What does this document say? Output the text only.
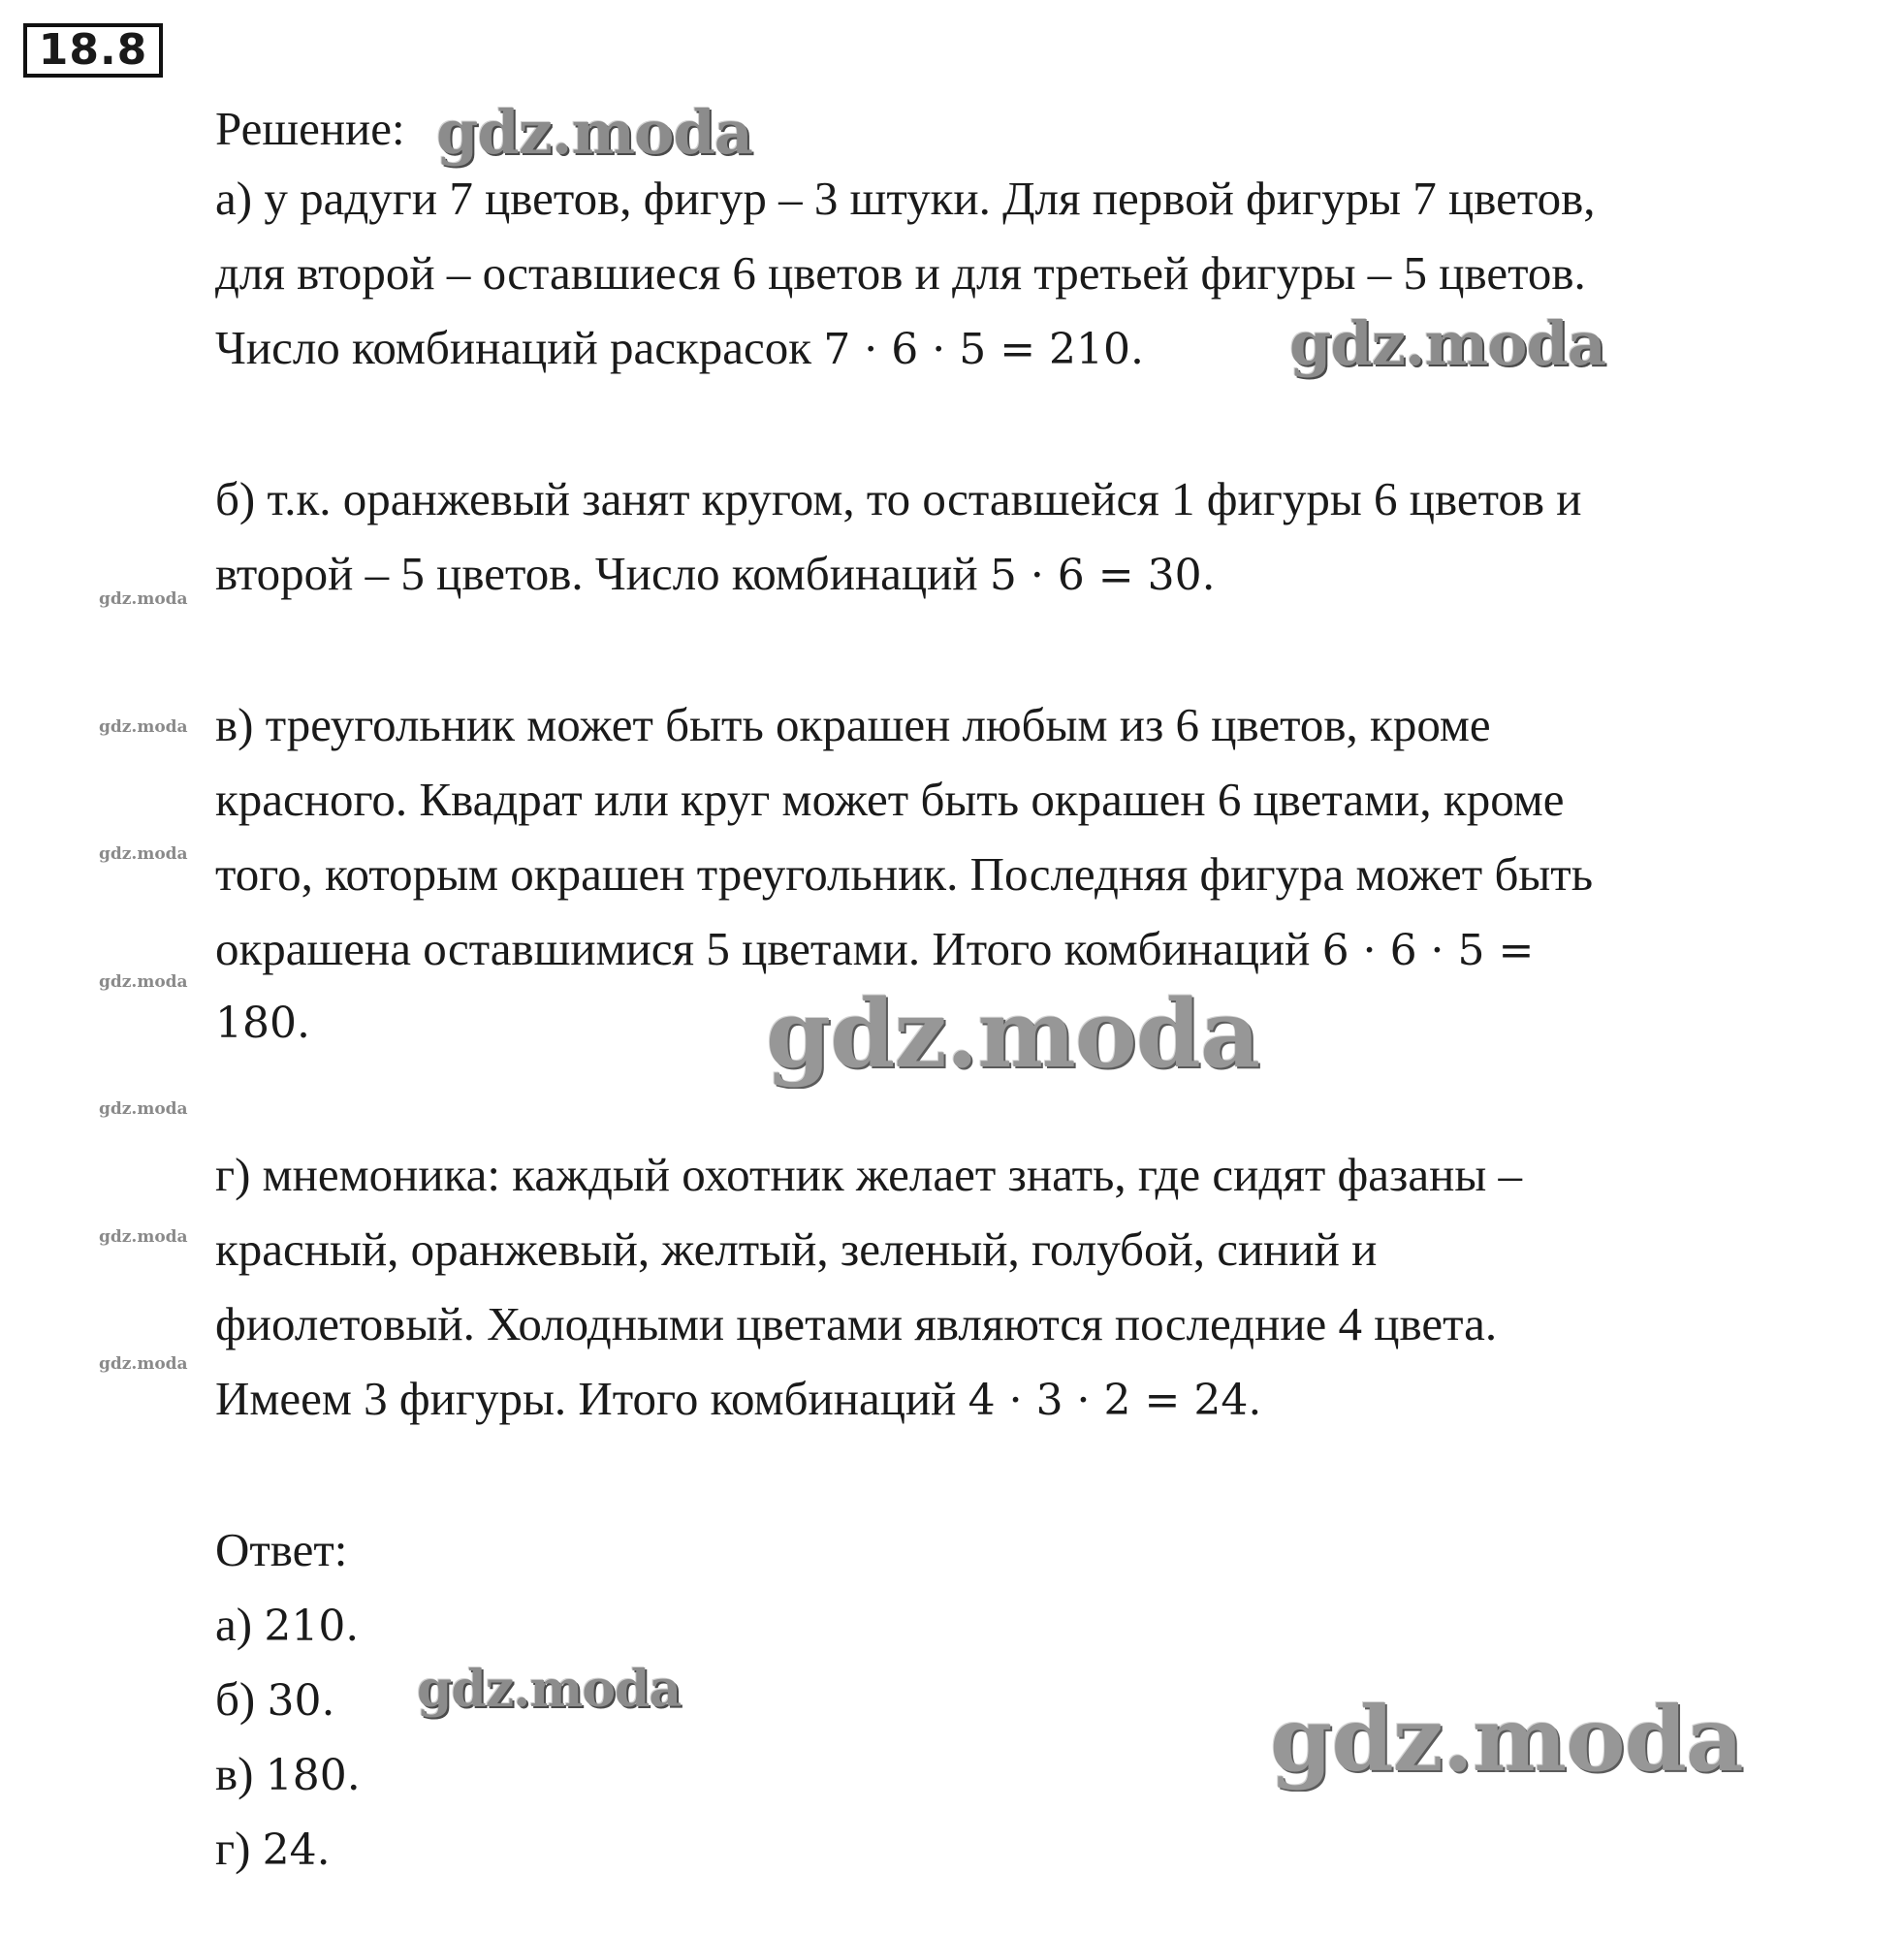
18.8
Решение:
а) у радуги 7 цветов, фигур – 3 штуки. Для первой фигуры 7 цветов,
для второй – оставшиеся 6 цветов и для третьей фигуры – 5 цветов.
Число комбинаций раскрасок 7 · 6 · 5 = 210.
б) т.к. оранжевый занят кругом, то оставшейся 1 фигуры 6 цветов и
второй – 5 цветов. Число комбинаций 5 · 6 = 30.
в) треугольник может быть окрашен любым из 6 цветов, кроме
красного. Квадрат или круг может быть окрашен 6 цветами, кроме
того, которым окрашен треугольник. Последняя фигура может быть
окрашена оставшимися 5 цветами. Итого комбинаций 6 · 6 · 5 =
180.
г) мнемоника: каждый охотник желает знать, где сидят фазаны –
красный, оранжевый, желтый, зеленый, голубой, синий и
фиолетовый. Холодными цветами являются последние 4 цвета.
Имеем 3 фигуры. Итого комбинаций 4 · 3 · 2 = 24.
Ответ:
а) 210.
б) 30.
в) 180.
г) 24.
gdz.moda
gdz.moda
gdz.moda
gdz.moda	gdz.moda
gdz.moda
gdz.moda
gdz.moda
gdz.moda
gdz.moda
gdz.moda
gdz.moda
